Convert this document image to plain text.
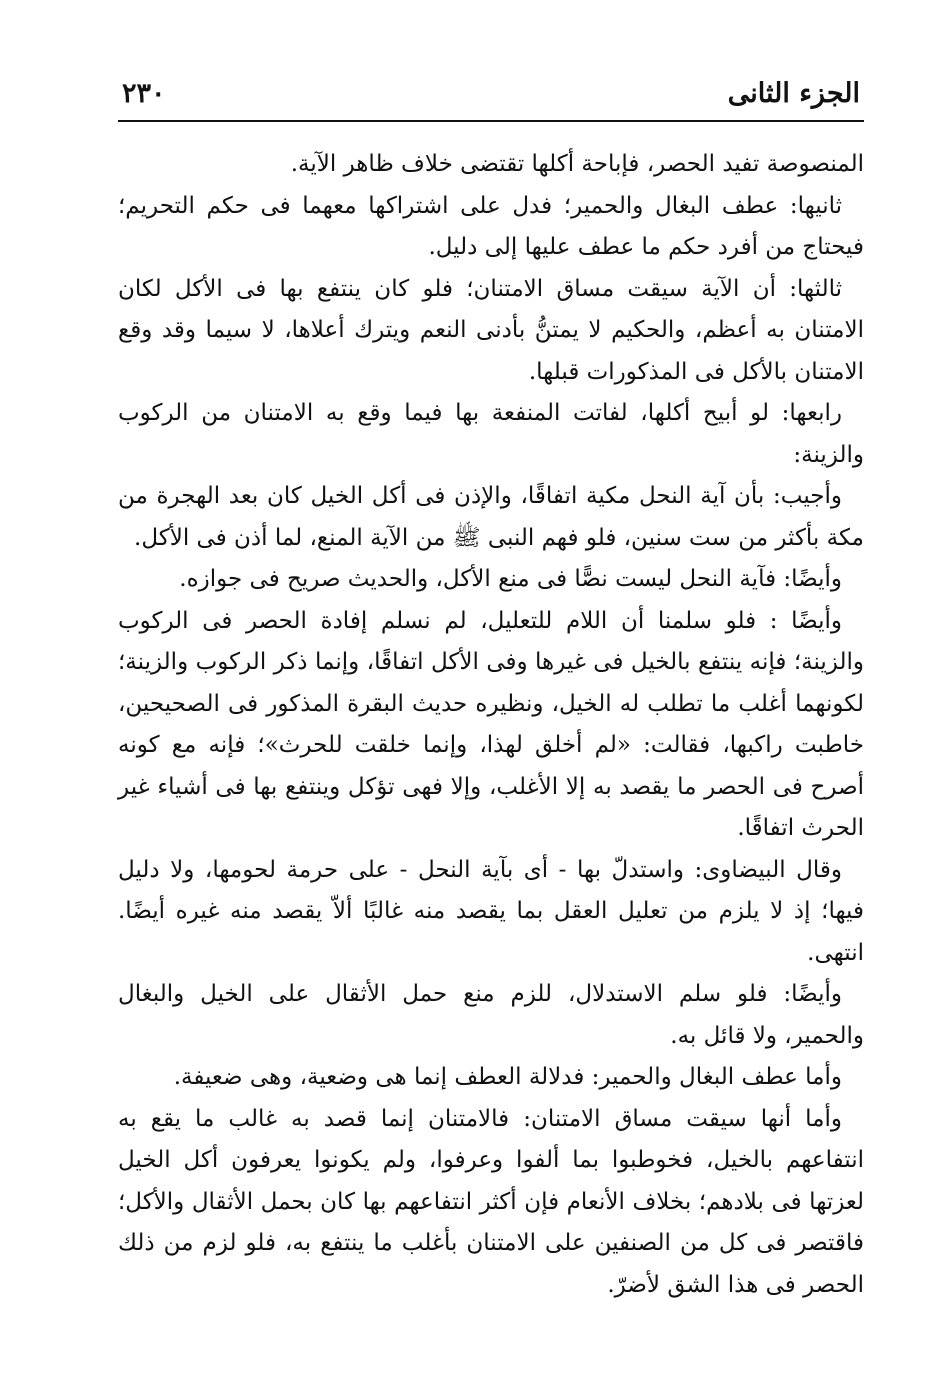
الجزء الثانى
٢٣٠

المنصوصة تفيد الحصر، فإباحة أكلها تقتضى خلاف ظاهر الآية.

ثانيها: عطف البغال والحمير؛ فدل على اشتراكها معهما فى حكم التحريم؛ فيحتاج من أفرد حكم ما عطف عليها إلى دليل.

ثالثها: أن الآية سيقت مساق الامتنان؛ فلو كان ينتفع بها فى الأكل لكان الامتنان به أعظم، والحكيم لا يمتنُّ بأدنى النعم ويترك أعلاها، لا سيما وقد وقع الامتنان بالأكل فى المذكورات قبلها.

رابعها: لو أبيح أكلها، لفاتت المنفعة بها فيما وقع به الامتنان من الركوب والزينة:

وأجيب: بأن آية النحل مكية اتفاقًا، والإذن فى أكل الخيل كان بعد الهجرة من مكة بأكثر من ست سنين، فلو فهم النبى ﷺ من الآية المنع، لما أذن فى الأكل.

وأيضًا: فآية النحل ليست نصًّا فى منع الأكل، والحديث صريح فى جوازه.

وأيضًا : فلو سلمنا أن اللام للتعليل، لم نسلم إفادة الحصر فى الركوب والزينة؛ فإنه ينتفع بالخيل فى غيرها وفى الأكل اتفاقًا، وإنما ذكر الركوب والزينة؛ لكونهما أغلب ما تطلب له الخيل، ونظيره حديث البقرة المذكور فى الصحيحين، خاطبت راكبها، فقالت: «لم أخلق لهذا، وإنما خلقت للحرث»؛ فإنه مع كونه أصرح فى الحصر ما يقصد به إلا الأغلب، وإلا فهى تؤكل وينتفع بها فى أشياء غير الحرث اتفاقًا.

وقال البيضاوى: واستدلّ بها - أى بآية النحل - على حرمة لحومها، ولا دليل فيها؛ إذ لا يلزم من تعليل العقل بما يقصد منه غالبًا ألاّ يقصد منه غيره أيضًا. انتهى.

وأيضًا: فلو سلم الاستدلال، للزم منع حمل الأثقال على الخيل والبغال والحمير، ولا قائل به.

وأما عطف البغال والحمير: فدلالة العطف إنما هى وضعية، وهى ضعيفة.

وأما أنها سيقت مساق الامتنان: فالامتنان إنما قصد به غالب ما يقع به انتفاعهم بالخيل، فخوطبوا بما ألفوا وعرفوا، ولم يكونوا يعرفون أكل الخيل لعزتها فى بلادهم؛ بخلاف الأنعام فإن أكثر انتفاعهم بها كان بحمل الأثقال والأكل؛ فاقتصر فى كل من الصنفين على الامتنان بأغلب ما ينتفع به، فلو لزم من ذلك الحصر فى هذا الشق لأضرّ.
